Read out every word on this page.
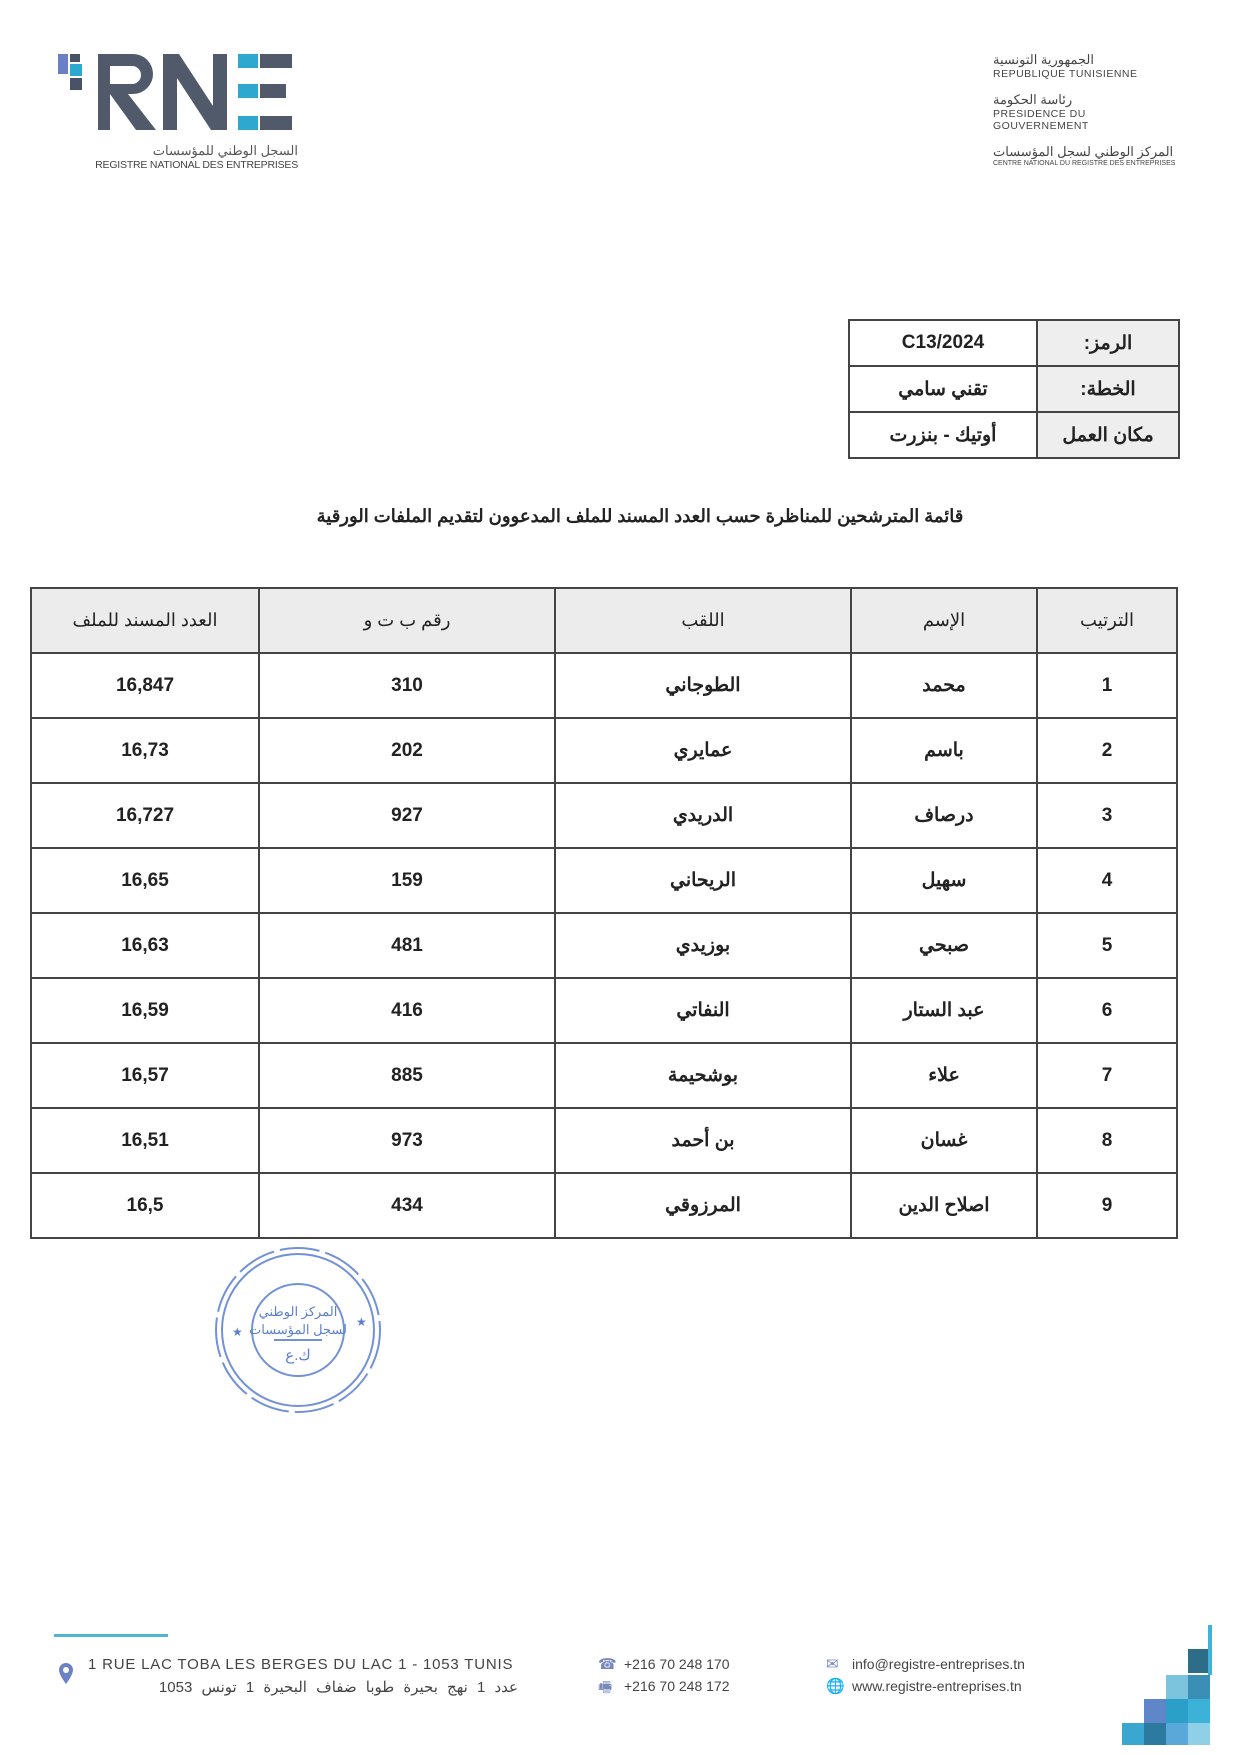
السجل الوطني للمؤسسات
REGISTRE NATIONAL DES ENTREPRISES
الجمهورية التونسية
REPUBLIQUE TUNISIENNE
رئاسة الحكومة
PRESIDENCE DU GOUVERNEMENT
المركز الوطني لسجل المؤسسات
CENTRE NATIONAL DU REGISTRE DES ENTREPRISES
الرمز:	C13/2024
الخطة:	تقني سامي
مكان العمل	أوتيك - بنزرت
قائمة المترشحين للمناظرة حسب العدد المسند للملف المدعوون لتقديم الملفات الورقية
الترتيب	الإسم	اللقب	رقم ب ت و	العدد المسند للملف
1	محمد	الطوجاني	310	16,847
2	باسم	عمايري	202	16,73
3	درصاف	الدريدي	927	16,727
4	سهيل	الريحاني	159	16,65
5	صبحي	بوزيدي	481	16,63
6	عبد الستار	النفاتي	416	16,59
7	علاء	بوشحيمة	885	16,57
8	غسان	بن أحمد	973	16,51
9	اصلاح الدين	المرزوقي	434	16,5
المركز الوطني
لسجل المؤسسات
ك.ع
★
★
1 RUE LAC TOBA LES BERGES DU LAC 1 - 1053 TUNIS
عدد 1 نهج بحيرة طوبا ضفاف البحيرة 1 تونس 1053
☎ +216 70 248 170
🖷 +216 70 248 172
✉ info@registre-entreprises.tn
🌐 www.registre-entreprises.tn
